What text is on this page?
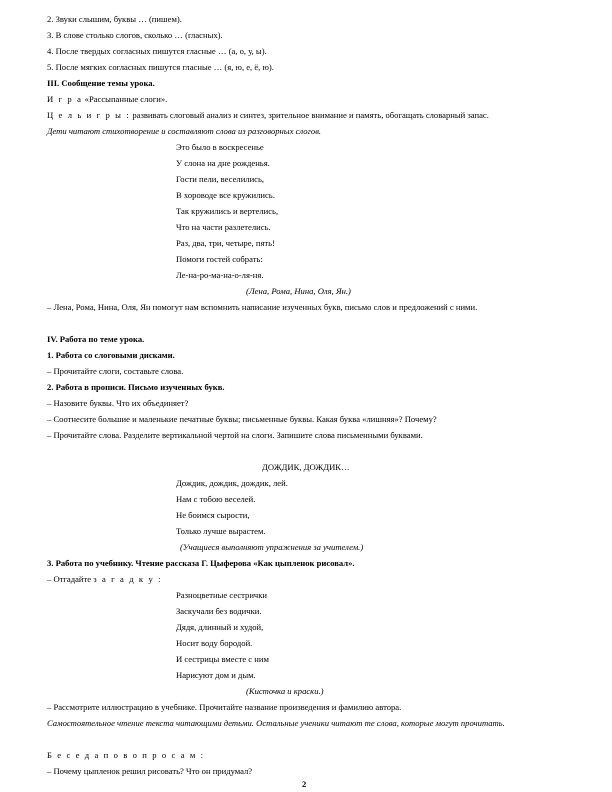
2. Звуки слышим, буквы … (пишем).
3. В слове столько слогов, сколько … (гласных).
4. После твердых согласных пишутся гласные … (а, о, у, ы).
5. После мягких согласных пишутся гласные … (я, ю, е, ё, ю).
III. Сообщение темы урока.
И г р а «Рассыпанные слоги».
Ц е л ь и г р ы : развивать слоговый анализ и синтез, зрительное внимание и память, обогащать словарный запас.
Дети читают стихотворение и составляют слова из разговорных слогов.
Это было в воскресенье
У слона на дне рожденья.
Гости пели, веселились,
В хороводе все кружились.
Так кружились и вертелись,
Что на части разлетелись.
Раз, два, три, четыре, пять!
Помоги гостей собрать:
Ле-на-ро-ма-на-о-ля-ня.
(Лена, Рома, Нина, Оля, Ян.)
– Лена, Рома, Нина, Оля, Ян помогут нам вспомнить написание изученных букв, письмо слов и предложений с ними.
IV. Работа по теме урока.
1. Работа со слоговыми дисками.
– Прочитайте слоги, составьте слова.
2. Работа в прописи. Письмо изученных букв.
– Назовите буквы. Что их объединяет?
– Соотнесите большие и маленькие печатные буквы; письменные буквы. Какая буква «лишняя»? Почему?
– Прочитайте слова. Разделите вертикальной чертой на слоги. Запишите слова письменными буквами.
ДОЖДИК, ДОЖДИК…
Дождик, дождик, дождик, лей.
Нам с тобою веселей.
Не боимся сырости,
Только лучше вырастем.
(Учащиеся выполняют упражнения за учителем.)
3. Работа по учебнику. Чтение рассказа Г. Цыферова «Как цыпленок рисовал».
– Отгадайте з а г а д к у :
Разноцветные сестрички
Заскучали без водички.
Дядя, длинный и худой,
Носит воду бородой.
И сестрицы вместе с ним
Нарисуют дом и дым.
(Кисточка и краски.)
– Рассмотрите иллюстрацию в учебнике. Прочитайте название произведения и фамилию автора.
Самостоятельное чтение текста читающими детьми. Остальные ученики читают те слова, которые могут прочитать.
Б е с е д а п о в о п р о с а м :
– Почему цыпленок решил рисовать? Что он придумал?
2
